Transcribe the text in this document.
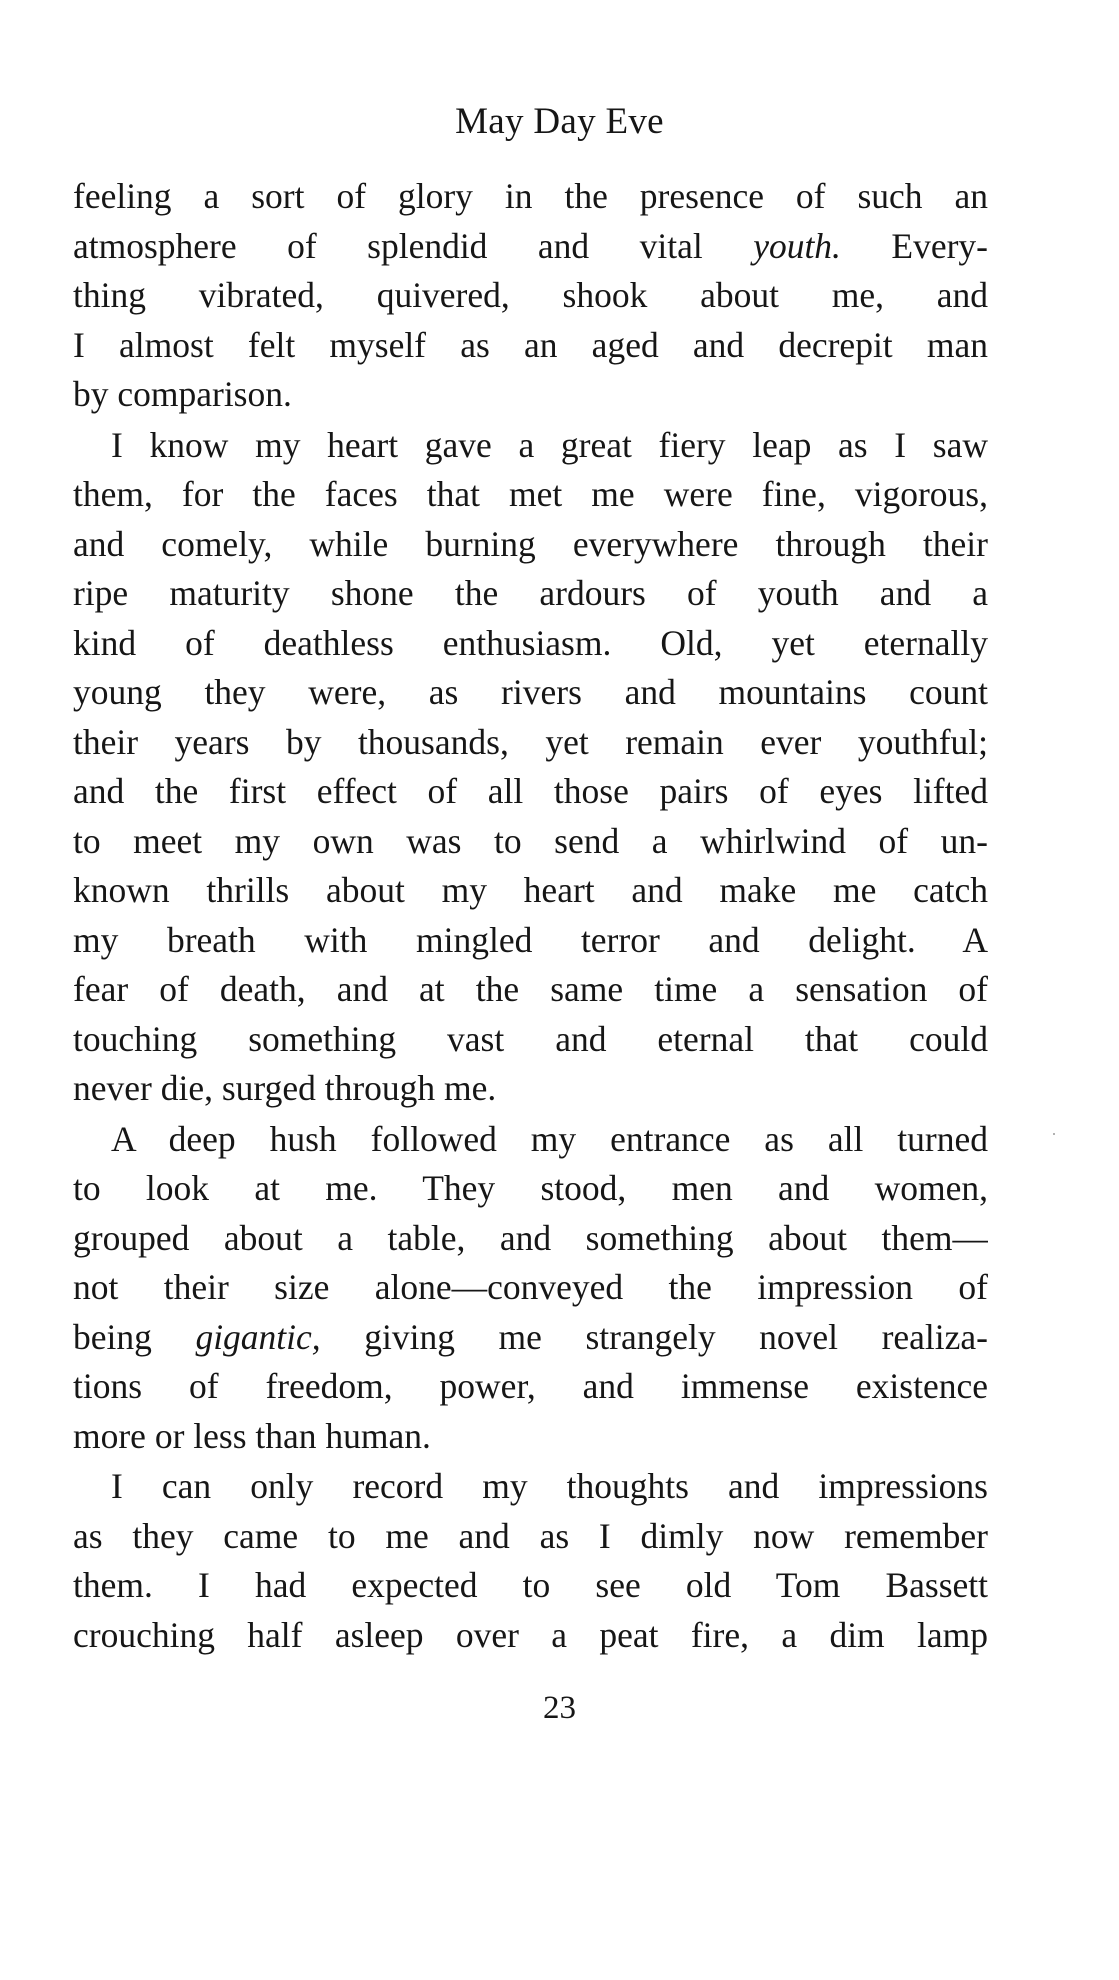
May Day Eve
feeling a sort of glory in the presence of such an
atmosphere of splendid and vital youth. Every-
thing vibrated, quivered, shook about me, and
I almost felt myself as an aged and decrepit man
by comparison.
I know my heart gave a great fiery leap as I saw
them, for the faces that met me were fine, vigorous,
and comely, while burning everywhere through their
ripe maturity shone the ardours of youth and a
kind of deathless enthusiasm. Old, yet eternally
young they were, as rivers and mountains count
their years by thousands, yet remain ever youthful;
and the first effect of all those pairs of eyes lifted
to meet my own was to send a whirlwind of un-
known thrills about my heart and make me catch
my breath with mingled terror and delight. A
fear of death, and at the same time a sensation of
touching something vast and eternal that could
never die, surged through me.
A deep hush followed my entrance as all turned
to look at me. They stood, men and women,
grouped about a table, and something about them—
not their size alone—conveyed the impression of
being gigantic, giving me strangely novel realiza-
tions of freedom, power, and immense existence
more or less than human.
I can only record my thoughts and impressions
as they came to me and as I dimly now remember
them. I had expected to see old Tom Bassett
crouching half asleep over a peat fire, a dim lamp
23
